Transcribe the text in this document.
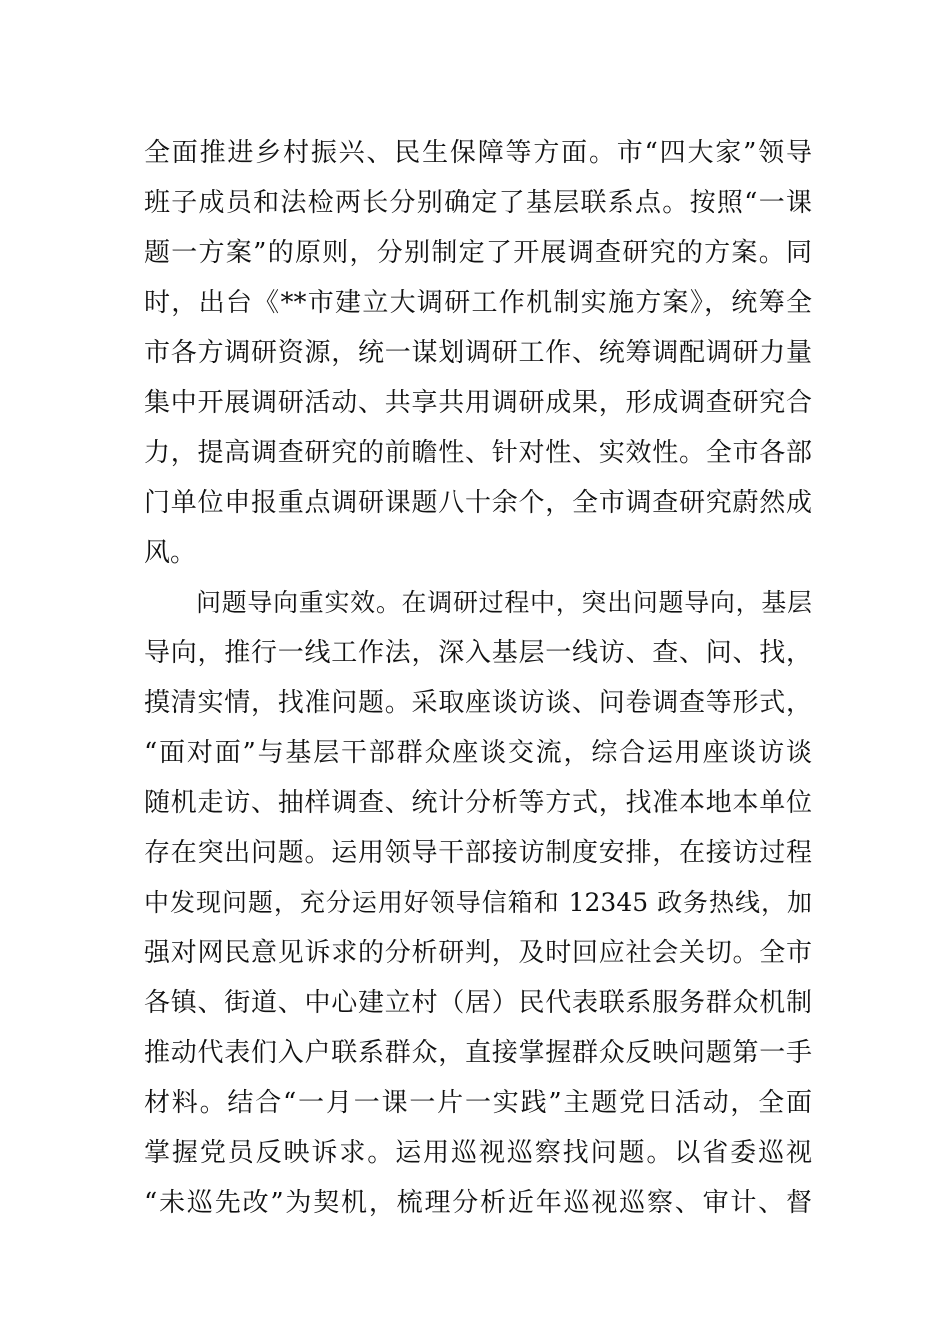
全面推进乡村振兴、民生保障等方面。市“四大家”领导
班子成员和法检两长分别确定了基层联系点。按照“一课
题一方案”的原则，分别制定了开展调查研究的方案。同
时，出台《**市建立大调研工作机制实施方案》，统筹全
市各方调研资源，统一谋划调研工作、统筹调配调研力量
集中开展调研活动、共享共用调研成果，形成调查研究合
力，提高调查研究的前瞻性、针对性、实效性。全市各部
门单位申报重点调研课题八十余个，全市调查研究蔚然成
风。
问题导向重实效。在调研过程中，突出问题导向，基层
导向，推行一线工作法，深入基层一线访、查、问、找，
摸清实情，找准问题。采取座谈访谈、问卷调查等形式，
“面对面”与基层干部群众座谈交流，综合运用座谈访谈
随机走访、抽样调查、统计分析等方式，找准本地本单位
存在突出问题。运用领导干部接访制度安排，在接访过程
中发现问题，充分运用好领导信箱和 12345 政务热线，加
强对网民意见诉求的分析研判，及时回应社会关切。全市
各镇、街道、中心建立村（居）民代表联系服务群众机制
推动代表们入户联系群众，直接掌握群众反映问题第一手
材料。结合“一月一课一片一实践”主题党日活动，全面
掌握党员反映诉求。运用巡视巡察找问题。以省委巡视
“未巡先改”为契机，梳理分析近年巡视巡察、审计、督
